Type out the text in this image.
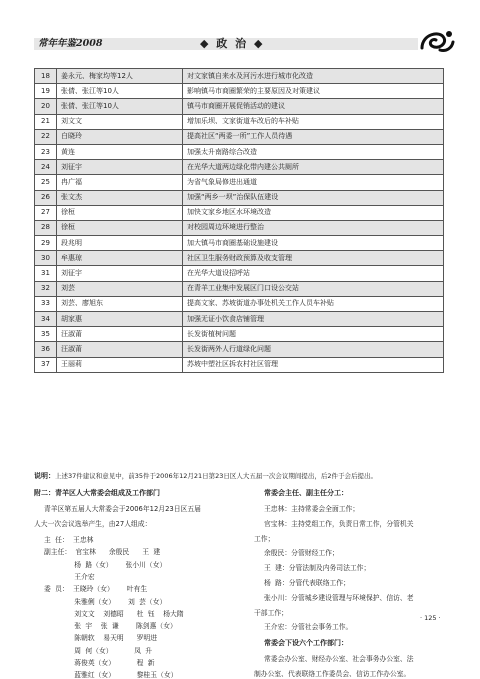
常年年鉴2008	◆ 政 治 ◆
18	姜永元、梅家均等12人	对文家镇自来水及河污水进行城市化改造
19	张倩、张江等10人	影响镇马市商圈繁荣的主要原因及对策建议
20	张倩、张江等10人	镇马市商圈开展促销活动的建议
21	刘文文	增加乐坝、文家街道车改后的车补贴
22	白晓玲	提高社区“两委一所”工作人员待遇
23	黄连	加强太升南路综合改造
24	刘征宇	在光华大道两边绿化带内建公共厕所
25	冉广福	为省气象局修进出通道
26	张文杰	加强“两乡一坝”治保队伍建设
27	徐桓	加快文家乡地区水环境改造
28	徐桓	对校园周边环境进行整治
29	段兆明	加大镇马市商圈基础设施建设
30	牟惠琼	社区卫生服务财政预算及收支管理
31	刘征宇	在光华大道设招呼站
32	刘芸	在青羊工业集中发展区门口设公交站
33	刘芸、廖旭东	提高文家、苏坡街道办事处机关工作人员车补贴
34	胡家惠	加强无证小饮食店铺管理
35	汪淑莆	长发街植树问题
36	汪淑莆	长发街两外人行道绿化问题
37	王丽莉	苏坡中塑社区拆农村社区管理
说明：上述37件建议和意见中，前35件于2006年12月21日第23日区人大五届一次会议期间提出，后2件于会后提出。
附二：青羊区人大常委会组成及工作部门
青羊区第五届人大常委会于2006年12月23日区五届
人大一次会议选举产生，由27人组成：
主  任：  王忠林
副主任：  官宝林      余殷民      王  建
杨  路（女）      张小川（女）
王介宏
委  员：  王晓玲（女）      叶有生
朱雅俐（女）      刘  芸（女）
刘文文    刘德昭      杜  钰    杨大隋
张  宇    张  谦        陈剑惠（女）
陈朝软    易天明      罗明进
周  何（女）          凤  升
蒋俊英（女）          程  新
蓝雅红（女）          黎桂玉（女）
常委会主任、副主任分工：
王忠林：主持常委会全面工作；
官宝林：主持党组工作，负责日常工作，分管机关
工作；
余殷民：分管财经工作；
王  建：分管法制及内务司法工作；
杨  路：分管代表联络工作；
张小川：分管城乡建设管理与环境保护、信访、老
干部工作；
王介宏：分管社会事务工作。
常委会下设六个工作部门：
常委会办公室、财经办公室、社会事务办公室、法
制办公室、代表联络工作委员会、信访工作办公室。
· 125 ·
